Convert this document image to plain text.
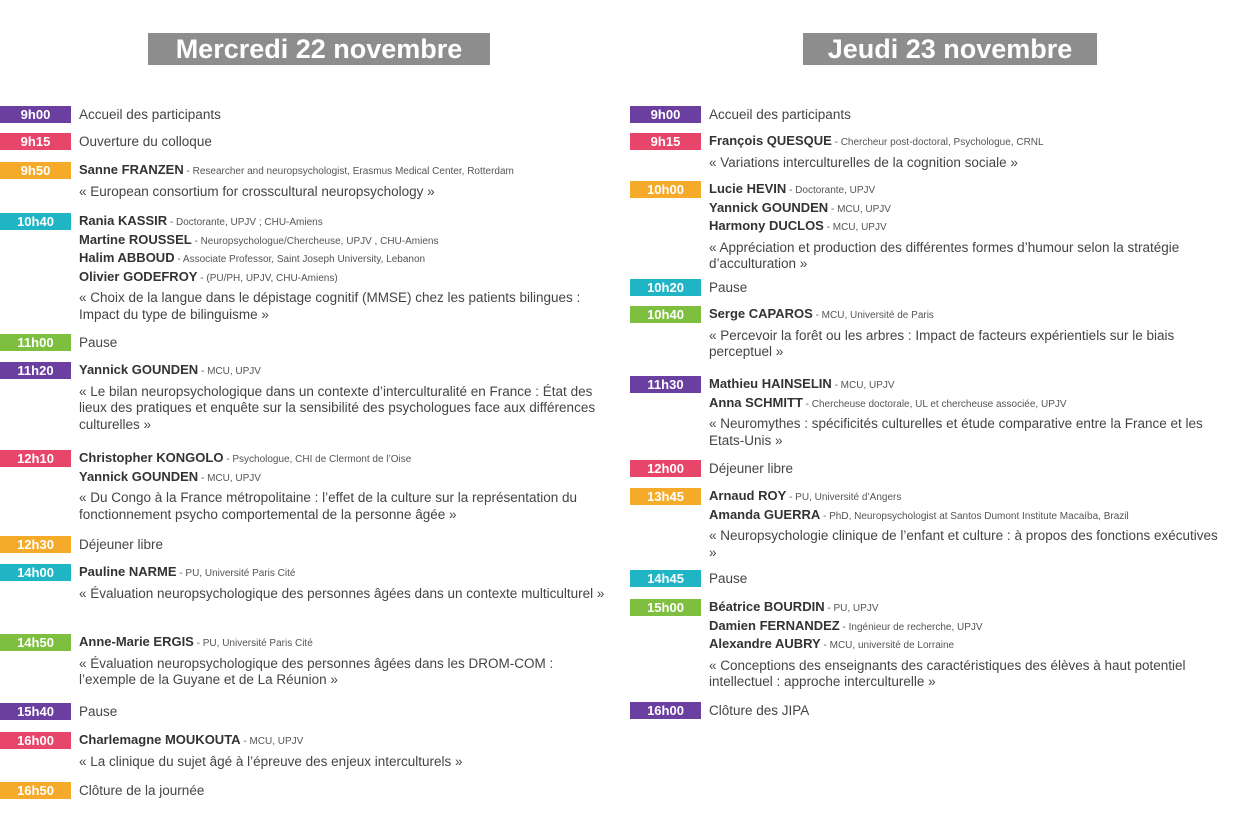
Mercredi 22 novembre	Jeudi 23 novembre
9h00	Accueil des participants
9h15	Ouverture du colloque
9h50	Sanne FRANZEN - Researcher and neuropsychologist, Erasmus Medical Center, Rotterdam
« European consortium for crosscultural neuropsychology »
10h40	Rania KASSIR - Doctorante, UPJV ; CHU-Amiens
Martine ROUSSEL - Neuropsychologue/Chercheuse, UPJV , CHU-Amiens
Halim ABBOUD - Associate Professor, Saint Joseph University, Lebanon
Olivier GODEFROY - (PU/PH, UPJV, CHU-Amiens)
« Choix de la langue dans le dépistage cognitif (MMSE) chez les patients bilingues : Impact du type de bilinguisme »
11h00	Pause
11h20	Yannick GOUNDEN - MCU, UPJV
« Le bilan neuropsychologique dans un contexte d’interculturalité en France : État des lieux des pratiques et enquête sur la sensibilité des psychologues face aux différences culturelles »
12h10	Christopher KONGOLO - Psychologue, CHI de Clermont de l’Oise
Yannick GOUNDEN - MCU, UPJV
« Du Congo à la France métropolitaine : l’effet de la culture sur la représentation du fonctionnement psycho comportemental de la personne âgée »
12h30	Déjeuner libre
14h00	Pauline NARME - PU, Université Paris Cité
« Évaluation neuropsychologique des personnes âgées dans un contexte multiculturel »
14h50	Anne-Marie ERGIS - PU, Université Paris Cité
« Évaluation neuropsychologique des personnes âgées dans les DROM-COM : l’exemple de la Guyane et de La Réunion »
15h40	Pause
16h00	Charlemagne MOUKOUTA - MCU, UPJV
« La clinique du sujet âgé à l’épreuve des enjeux interculturels »
16h50	Clôture de la journée
9h00	Accueil des participants
9h15	François QUESQUE - Chercheur post-doctoral, Psychologue, CRNL
« Variations interculturelles de la cognition sociale »
10h00	Lucie HEVIN - Doctorante, UPJV
Yannick GOUNDEN - MCU, UPJV
Harmony DUCLOS - MCU, UPJV
« Appréciation et production des différentes formes d’humour selon la stratégie d’acculturation »
10h20	Pause
10h40	Serge CAPAROS - MCU, Université de Paris
« Percevoir la forêt ou les arbres : Impact de facteurs expérientiels sur le biais perceptuel »
11h30	Mathieu HAINSELIN - MCU, UPJV
Anna SCHMITT - Chercheuse doctorale, UL et chercheuse associée, UPJV
« Neuromythes : spécificités culturelles et étude comparative entre la France et les Etats-Unis »
12h00	Déjeuner libre
13h45	Arnaud ROY - PU, Université d’Angers
Amanda GUERRA - PhD, Neuropsychologist at Santos Dumont Institute Macaíba, Brazil
« Neuropsychologie clinique de l’enfant et culture : à propos des fonctions exécutives »
14h45	Pause
15h00	Béatrice BOURDIN - PU, UPJV
Damien FERNANDEZ - Ingénieur de recherche, UPJV
Alexandre AUBRY - MCU, université de Lorraine
« Conceptions des enseignants des caractéristiques des élèves à haut potentiel intellectuel : approche interculturelle »
16h00	Clôture des JIPA
